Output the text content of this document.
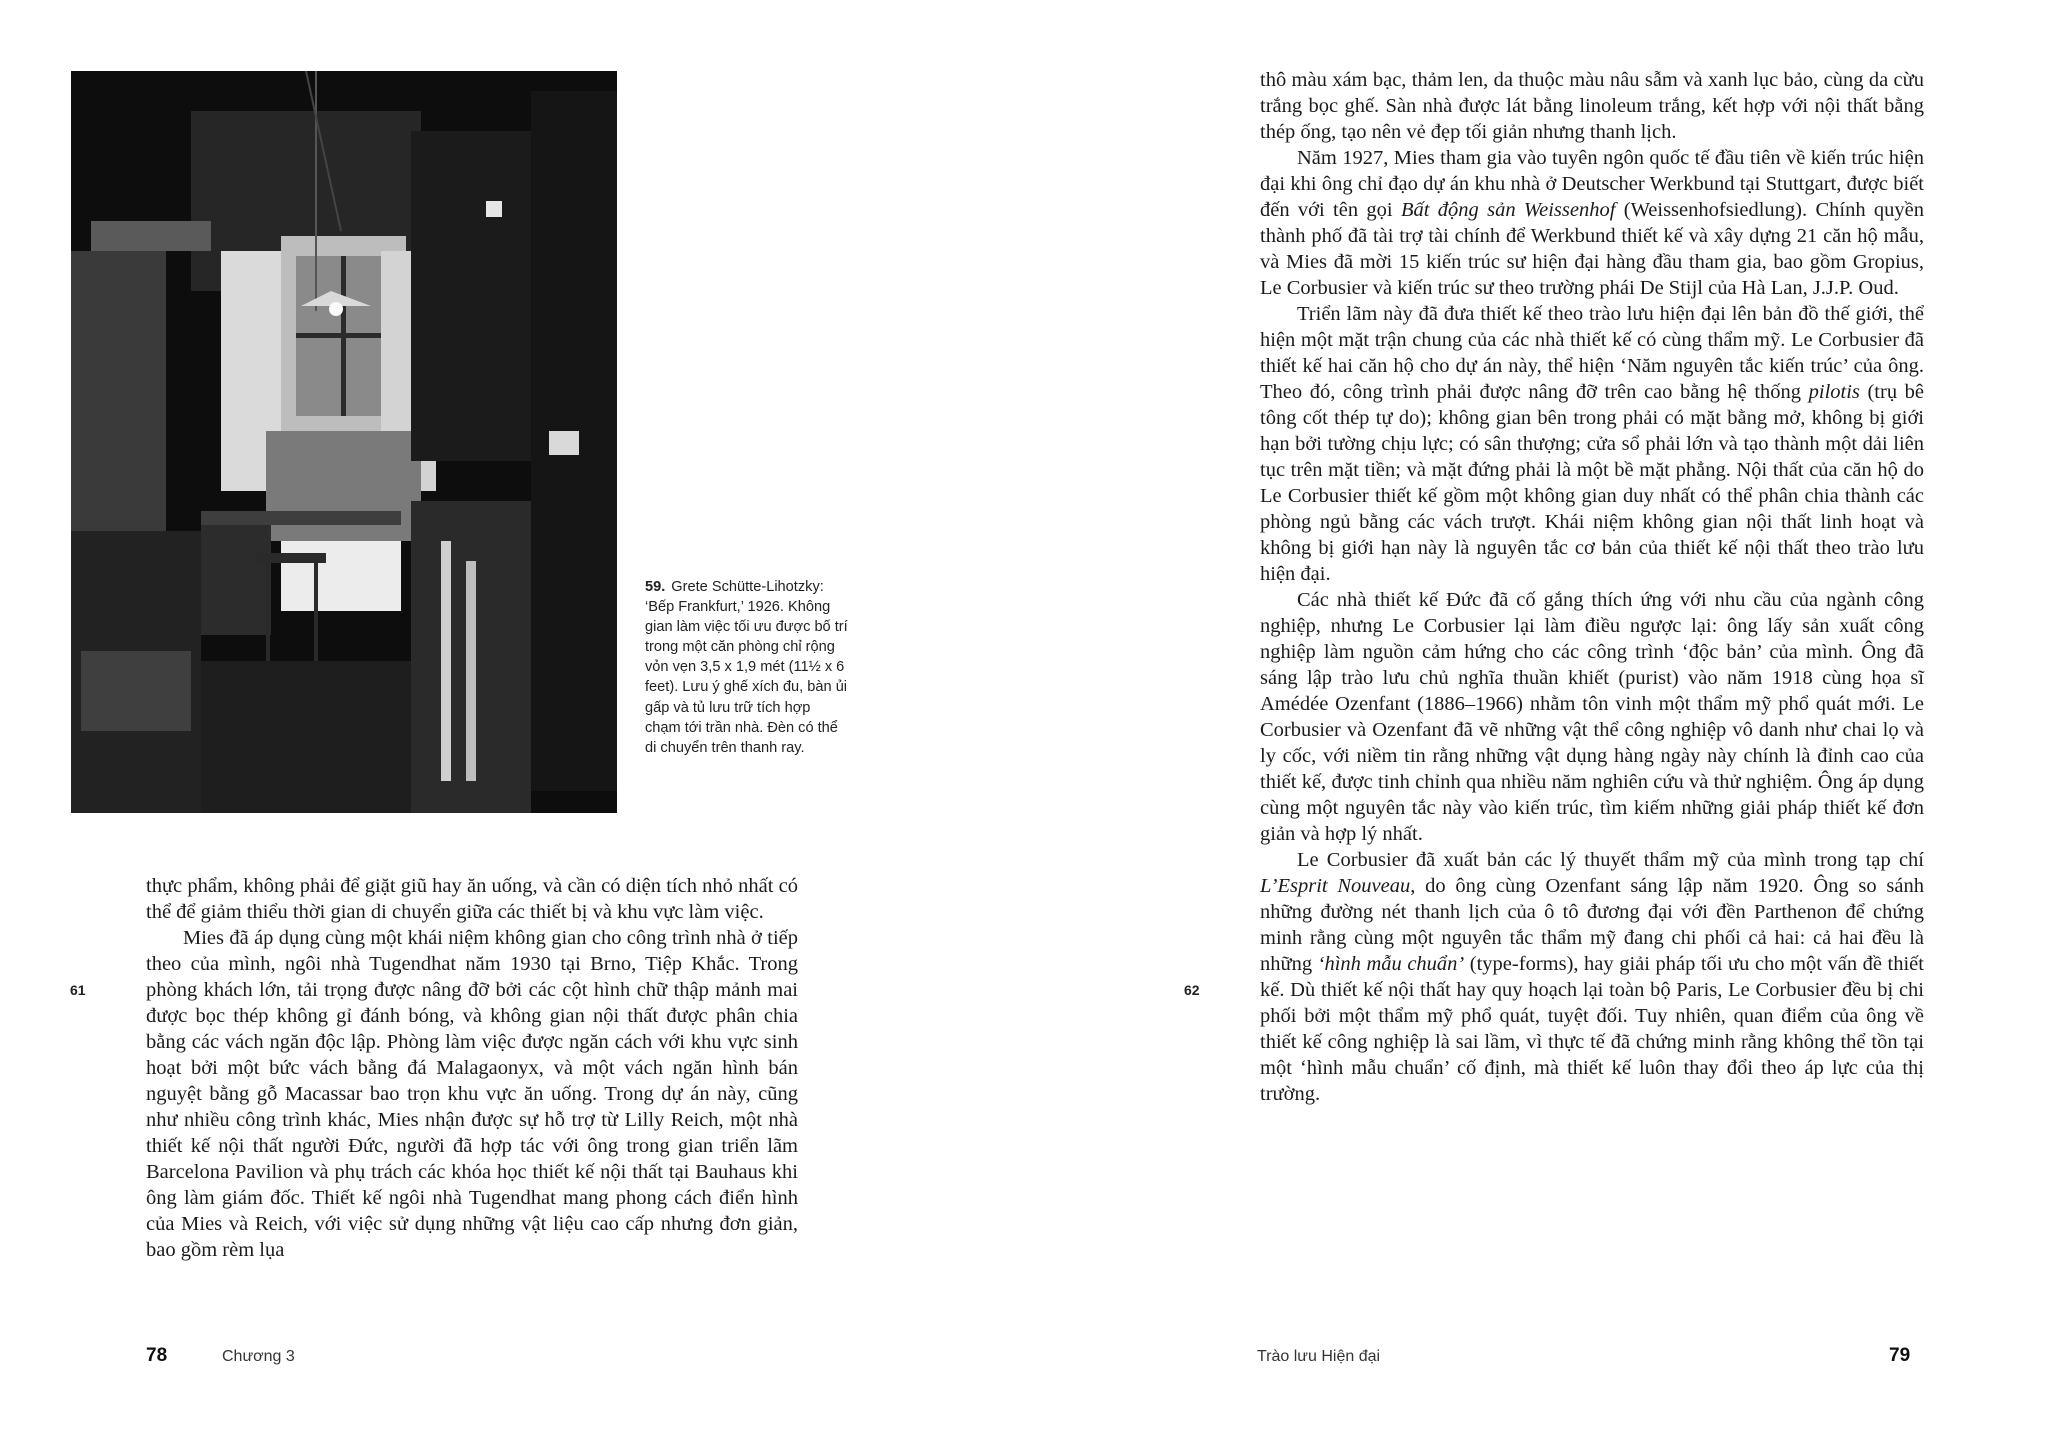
59. Grete Schütte-Lihotzky: ‘Bếp Frankfurt,’ 1926. Không gian làm việc tối ưu được bố trí trong một căn phòng chỉ rộng vỏn vẹn 3,5 x 1,9 mét (11½ x 6 feet). Lưu ý ghế xích đu, bàn ủi gấp và tủ lưu trữ tích hợp chạm tới trần nhà. Đèn có thể di chuyển trên thanh ray.
61

thực phẩm, không phải để giặt giũ hay ăn uống, và cần có diện tích nhỏ nhất có thể để giảm thiểu thời gian di chuyển giữa các thiết bị và khu vực làm việc.

Mies đã áp dụng cùng một khái niệm không gian cho công trình nhà ở tiếp theo của mình, ngôi nhà Tugendhat năm 1930 tại Brno, Tiệp Khắc. Trong phòng khách lớn, tải trọng được nâng đỡ bởi các cột hình chữ thập mảnh mai được bọc thép không gỉ đánh bóng, và không gian nội thất được phân chia bằng các vách ngăn độc lập. Phòng làm việc được ngăn cách với khu vực sinh hoạt bởi một bức vách bằng đá Malagaonyx, và một vách ngăn hình bán nguyệt bằng gỗ Macassar bao trọn khu vực ăn uống. Trong dự án này, cũng như nhiều công trình khác, Mies nhận được sự hỗ trợ từ Lilly Reich, một nhà thiết kế nội thất người Đức, người đã hợp tác với ông trong gian triển lãm Barcelona Pavilion và phụ trách các khóa học thiết kế nội thất tại Bauhaus khi ông làm giám đốc. Thiết kế ngôi nhà Tugendhat mang phong cách điển hình của Mies và Reich, với việc sử dụng những vật liệu cao cấp nhưng đơn giản, bao gồm rèm lụa

78	Chương 3

thô màu xám bạc, thảm len, da thuộc màu nâu sẫm và xanh lục bảo, cùng da cừu trắng bọc ghế. Sàn nhà được lát bằng linoleum trắng, kết hợp với nội thất bằng thép ống, tạo nên vẻ đẹp tối giản nhưng thanh lịch.

Năm 1927, Mies tham gia vào tuyên ngôn quốc tế đầu tiên về kiến trúc hiện đại khi ông chỉ đạo dự án khu nhà ở Deutscher Werkbund tại Stuttgart, được biết đến với tên gọi Bất động sản Weissenhof (Weissenhofsiedlung). Chính quyền thành phố đã tài trợ tài chính để Werkbund thiết kế và xây dựng 21 căn hộ mẫu, và Mies đã mời 15 kiến trúc sư hiện đại hàng đầu tham gia, bao gồm Gropius, Le Corbusier và kiến trúc sư theo trường phái De Stijl của Hà Lan, J.J.P. Oud.

Triển lãm này đã đưa thiết kế theo trào lưu hiện đại lên bản đồ thế giới, thể hiện một mặt trận chung của các nhà thiết kế có cùng thẩm mỹ. Le Corbusier đã thiết kế hai căn hộ cho dự án này, thể hiện ‘Năm nguyên tắc kiến trúc’ của ông. Theo đó, công trình phải được nâng đỡ trên cao bằng hệ thống pilotis (trụ bê tông cốt thép tự do); không gian bên trong phải có mặt bằng mở, không bị giới hạn bởi tường chịu lực; có sân thượng; cửa sổ phải lớn và tạo thành một dải liên tục trên mặt tiền; và mặt đứng phải là một bề mặt phẳng. Nội thất của căn hộ do Le Corbusier thiết kế gồm một không gian duy nhất có thể phân chia thành các phòng ngủ bằng các vách trượt. Khái niệm không gian nội thất linh hoạt và không bị giới hạn này là nguyên tắc cơ bản của thiết kế nội thất theo trào lưu hiện đại.

Các nhà thiết kế Đức đã cố gắng thích ứng với nhu cầu của ngành công nghiệp, nhưng Le Corbusier lại làm điều ngược lại: ông lấy sản xuất công nghiệp làm nguồn cảm hứng cho các công trình ‘độc bản’ của mình. Ông đã sáng lập trào lưu chủ nghĩa thuần khiết (purist) vào năm 1918 cùng họa sĩ Amédée Ozenfant (1886–1966) nhằm tôn vinh một thẩm mỹ phổ quát mới. Le Corbusier và Ozenfant đã vẽ những vật thể công nghiệp vô danh như chai lọ và ly cốc, với niềm tin rằng những vật dụng hàng ngày này chính là đỉnh cao của thiết kế, được tinh chỉnh qua nhiều năm nghiên cứu và thử nghiệm. Ông áp dụng cùng một nguyên tắc này vào kiến trúc, tìm kiếm những giải pháp thiết kế đơn giản và hợp lý nhất.

Le Corbusier đã xuất bản các lý thuyết thẩm mỹ của mình trong tạp chí L’Esprit Nouveau, do ông cùng Ozenfant sáng lập năm 1920. Ông so sánh những đường nét thanh lịch của ô tô đương đại với đền Parthenon để chứng minh rằng cùng một nguyên tắc thẩm mỹ đang chi phối cả hai: cả hai đều là những ‘hình mẫu chuẩn’ (type-forms), hay giải pháp tối ưu cho một vấn đề thiết kế. Dù thiết kế nội thất hay quy hoạch lại toàn bộ Paris, Le Corbusier đều bị chi phối bởi một thẩm mỹ phổ quát, tuyệt đối. Tuy nhiên, quan điểm của ông về thiết kế công nghiệp là sai lầm, vì thực tế đã chứng minh rằng không thể tồn tại một ‘hình mẫu chuẩn’ cố định, mà thiết kế luôn thay đổi theo áp lực của thị trường.

62
Trào lưu Hiện đại	79
